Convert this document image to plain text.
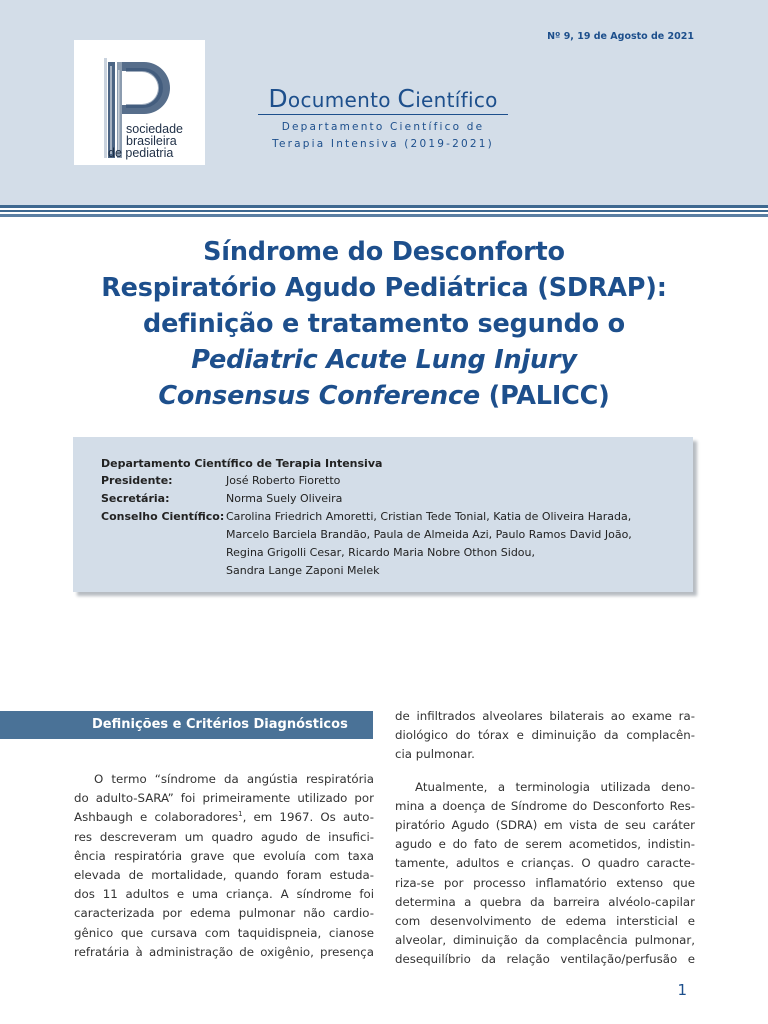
sociedade
brasileira
de pediatria
Nº 9, 19 de Agosto de 2021
Documento Científico
Departamento Científico de
Terapia Intensiva (2019-2021)
Síndrome do Desconforto
Respiratório Agudo Pediátrica (SDRAP):
definição e tratamento segundo o
Pediatric Acute Lung Injury
Consensus Conference (PALICC)
Departamento Científico de Terapia Intensiva
Presidente:	José Roberto Fioretto
Secretária:	Norma Suely Oliveira
Conselho Científico: Carolina Friedrich Amoretti, Cristian Tede Tonial, Katia de Oliveira Harada,
Marcelo Barciela Brandão, Paula de Almeida Azi, Paulo Ramos David João,
Regina Grigolli Cesar, Ricardo Maria Nobre Othon Sidou,
Sandra Lange Zaponi Melek
Definições e Critérios Diagnósticos
O termo “síndrome da angústia respiratória
do adulto-SARA” foi primeiramente utilizado por
Ashbaugh e colaboradores$^1$, em 1967. Os auto-
res descreveram um quadro agudo de insufici-
ência respiratória grave que evoluía com taxa
elevada de mortalidade, quando foram estuda-
dos 11 adultos e uma criança. A síndrome foi
caracterizada por edema pulmonar não cardio-
gênico que cursava com taquidispneia, cianose
refratária à administração de oxigênio, presença
de infiltrados alveolares bilaterais ao exame ra-
diológico do tórax e diminuição da complacên-
cia pulmonar.
Atualmente, a terminologia utilizada deno-
mina a doença de Síndrome do Desconforto Res-
piratório Agudo (SDRA) em vista de seu caráter
agudo e do fato de serem acometidos, indistin-
tamente, adultos e crianças. O quadro caracte-
riza-se por processo inflamatório extenso que
determina a quebra da barreira alvéolo-capilar
com desenvolvimento de edema intersticial e
alveolar, diminuição da complacência pulmonar,
desequilíbrio da relação ventilação/perfusão e
1
